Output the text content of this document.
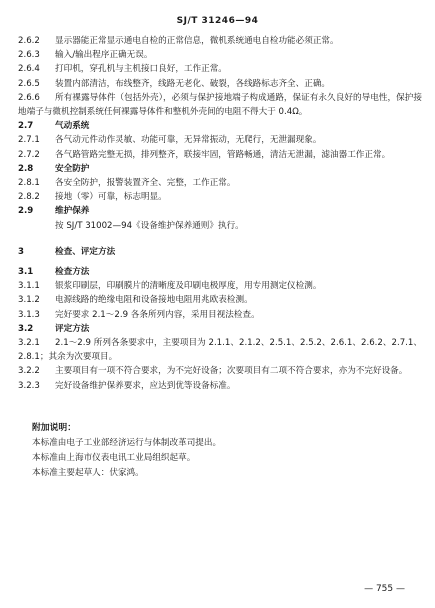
SJ/T 31246—94
2.6.2	显示器能正常显示通电自检的正常信息，微机系统通电自检功能必须正常。
2.6.3	输入/输出程序正确无误。
2.6.4	打印机，穿孔机与主机接口良好，工作正常。
2.6.5	装置内部清洁，布线整齐，线路无老化、破裂，各线路标志齐全、正确。
2.6.6 所有裸露导体件（包括外壳），必须与保护接地端子构成通路，保证有永久良好的导电性，保护接地端子与微机控制系统任何裸露导体件和整机外壳间的电阻不得大于 0.4Ω。
2.7	气动系统
2.7.1	各气动元件动作灵敏、功能可靠，无异常振动，无爬行，无泄漏现象。
2.7.2	各气路管路完整无损，排列整齐，联接牢固，管路畅通，清洁无泄漏，滤油器工作正常。
2.8	安全防护
2.8.1	各安全防护，报警装置齐全、完整，工作正常。
2.8.2	接地（零）可靠，标志明显。
2.9	维护保养
按 SJ/T 31002—94《设备维护保养通则》执行。
3	检查、评定方法
3.1	检查方法
3.1.1	银浆印刷层，印刷膜片的清晰度及印刷电极厚度，用专用测定仪检测。
3.1.2	电源线路的绝缘电阻和设备接地电阻用兆欧表检测。
3.1.3	完好要求 2.1～2.9 各条所列内容，采用目视法检查。
3.2	评定方法
3.2.1 2.1～2.9 所列各条要求中，主要项目为 2.1.1、2.1.2、2.5.1、2.5.2、2.6.1、2.6.2、2.7.1、2.8.1；其余为次要项目。
3.2.2 主要项目有一项不符合要求，为不完好设备；次要项目有二项不符合要求，亦为不完好设备。
3.2.3	完好设备维护保养要求，应达到优等设备标准。
附加说明：
本标准由电子工业部经济运行与体制改革司提出。
本标准由上海市仪表电讯工业局组织起草。
本标准主要起草人：伏家鸿。
— 755 —
